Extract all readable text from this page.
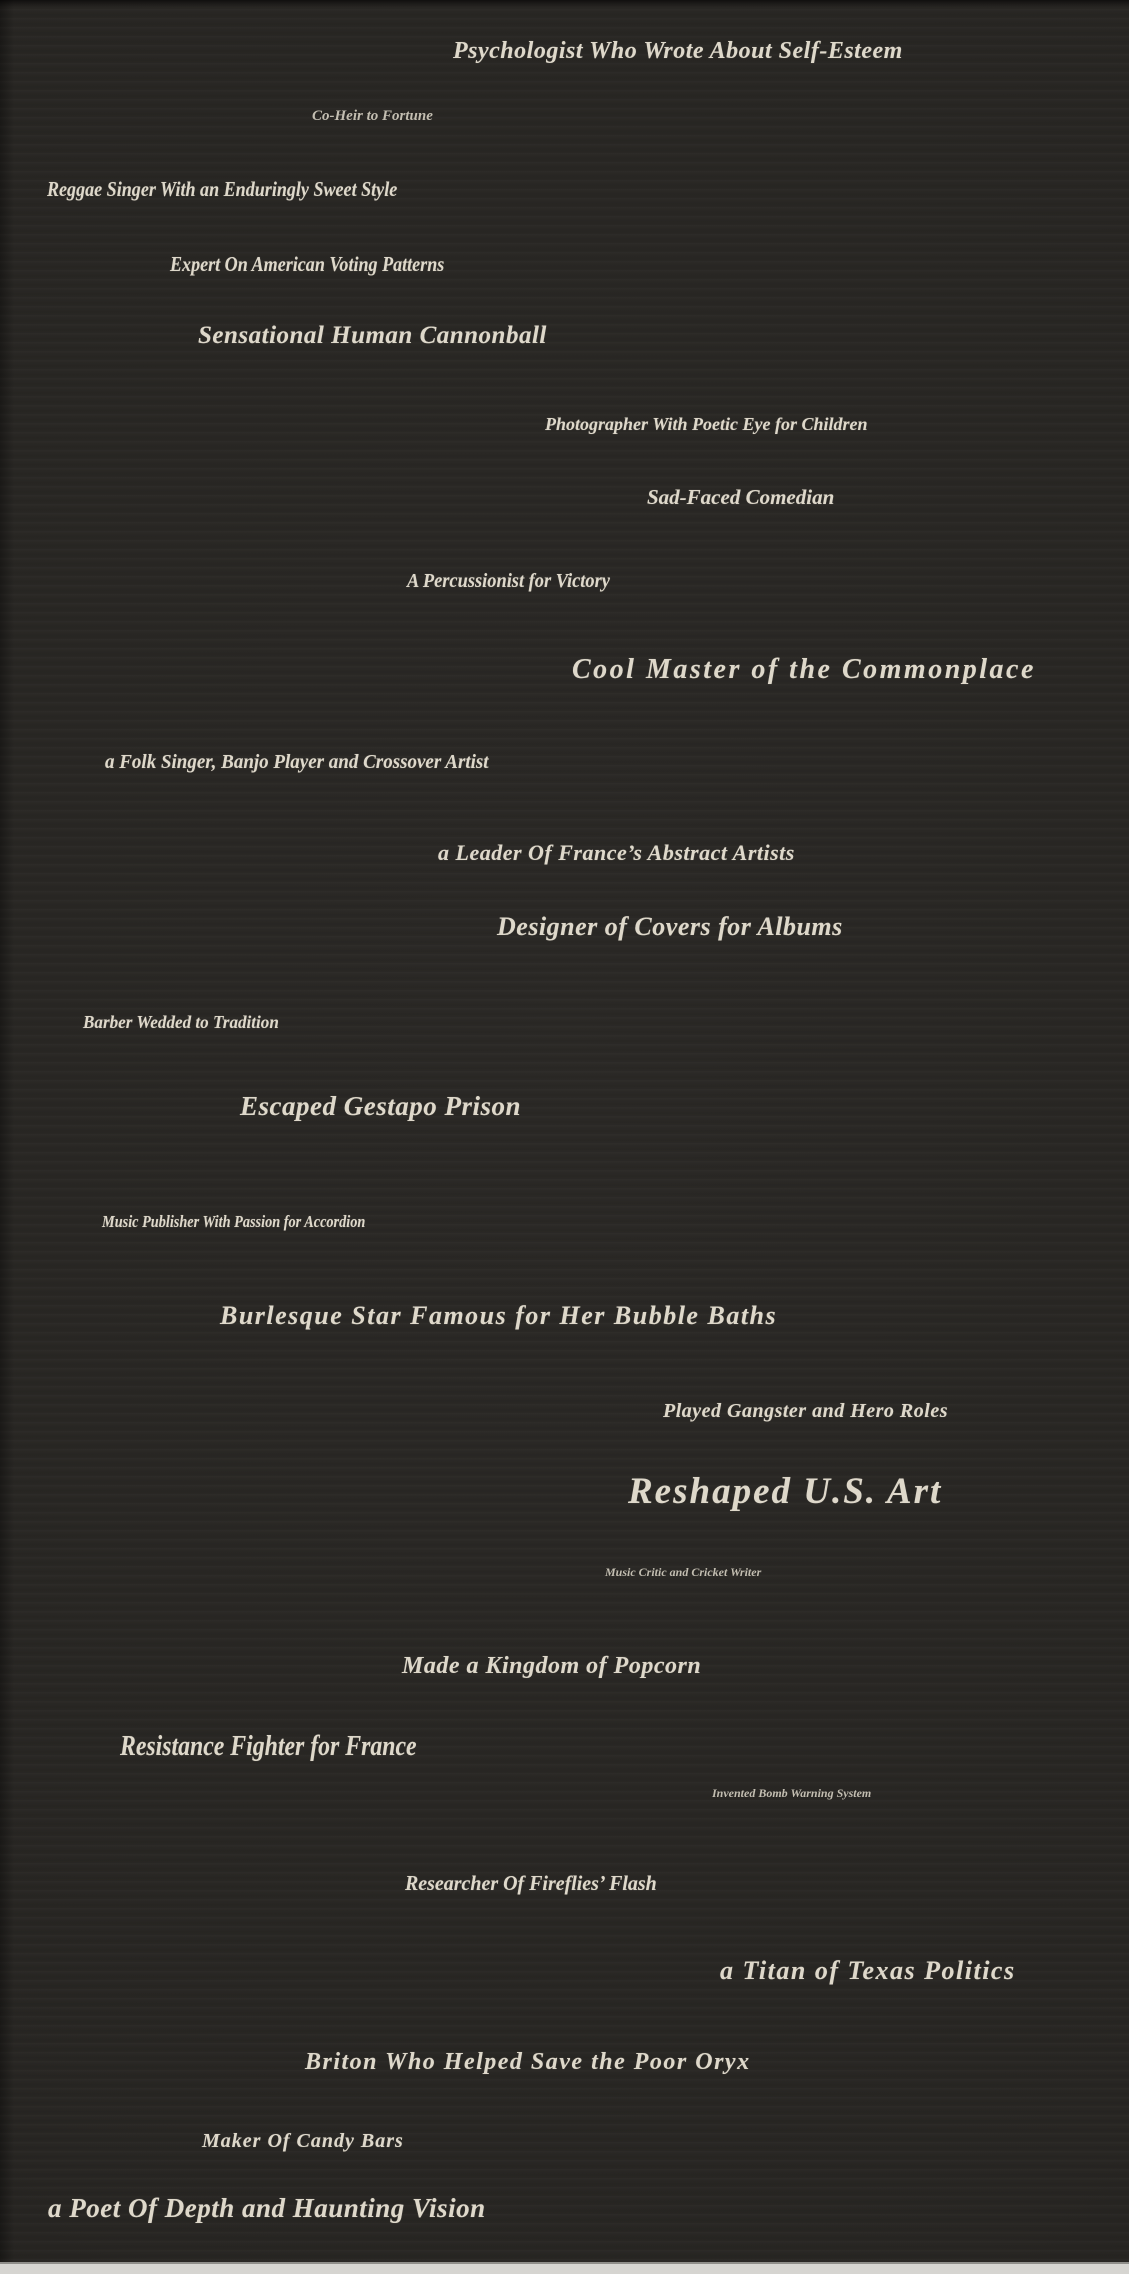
Psychologist Who Wrote About Self-Esteem
Co-Heir to Fortune
Reggae Singer With an Enduringly Sweet Style
Expert On American Voting Patterns
Sensational Human Cannonball
Photographer With Poetic Eye for Children
Sad-Faced Comedian
A Percussionist for Victory
Cool Master of the Commonplace
a Folk Singer, Banjo Player and Crossover Artist
a Leader Of France’s Abstract Artists
Designer of Covers for Albums
Barber Wedded to Tradition
Escaped Gestapo Prison
Music Publisher With Passion for Accordion
Burlesque Star Famous for Her Bubble Baths
Played Gangster and Hero Roles
Reshaped U.S. Art
Music Critic and Cricket Writer
Made a Kingdom of Popcorn
Resistance Fighter for France
Invented Bomb Warning System
Researcher Of Fireflies’ Flash
a Titan of Texas Politics
Briton Who Helped Save the Poor Oryx
Maker Of Candy Bars
a Poet Of Depth and Haunting Vision
